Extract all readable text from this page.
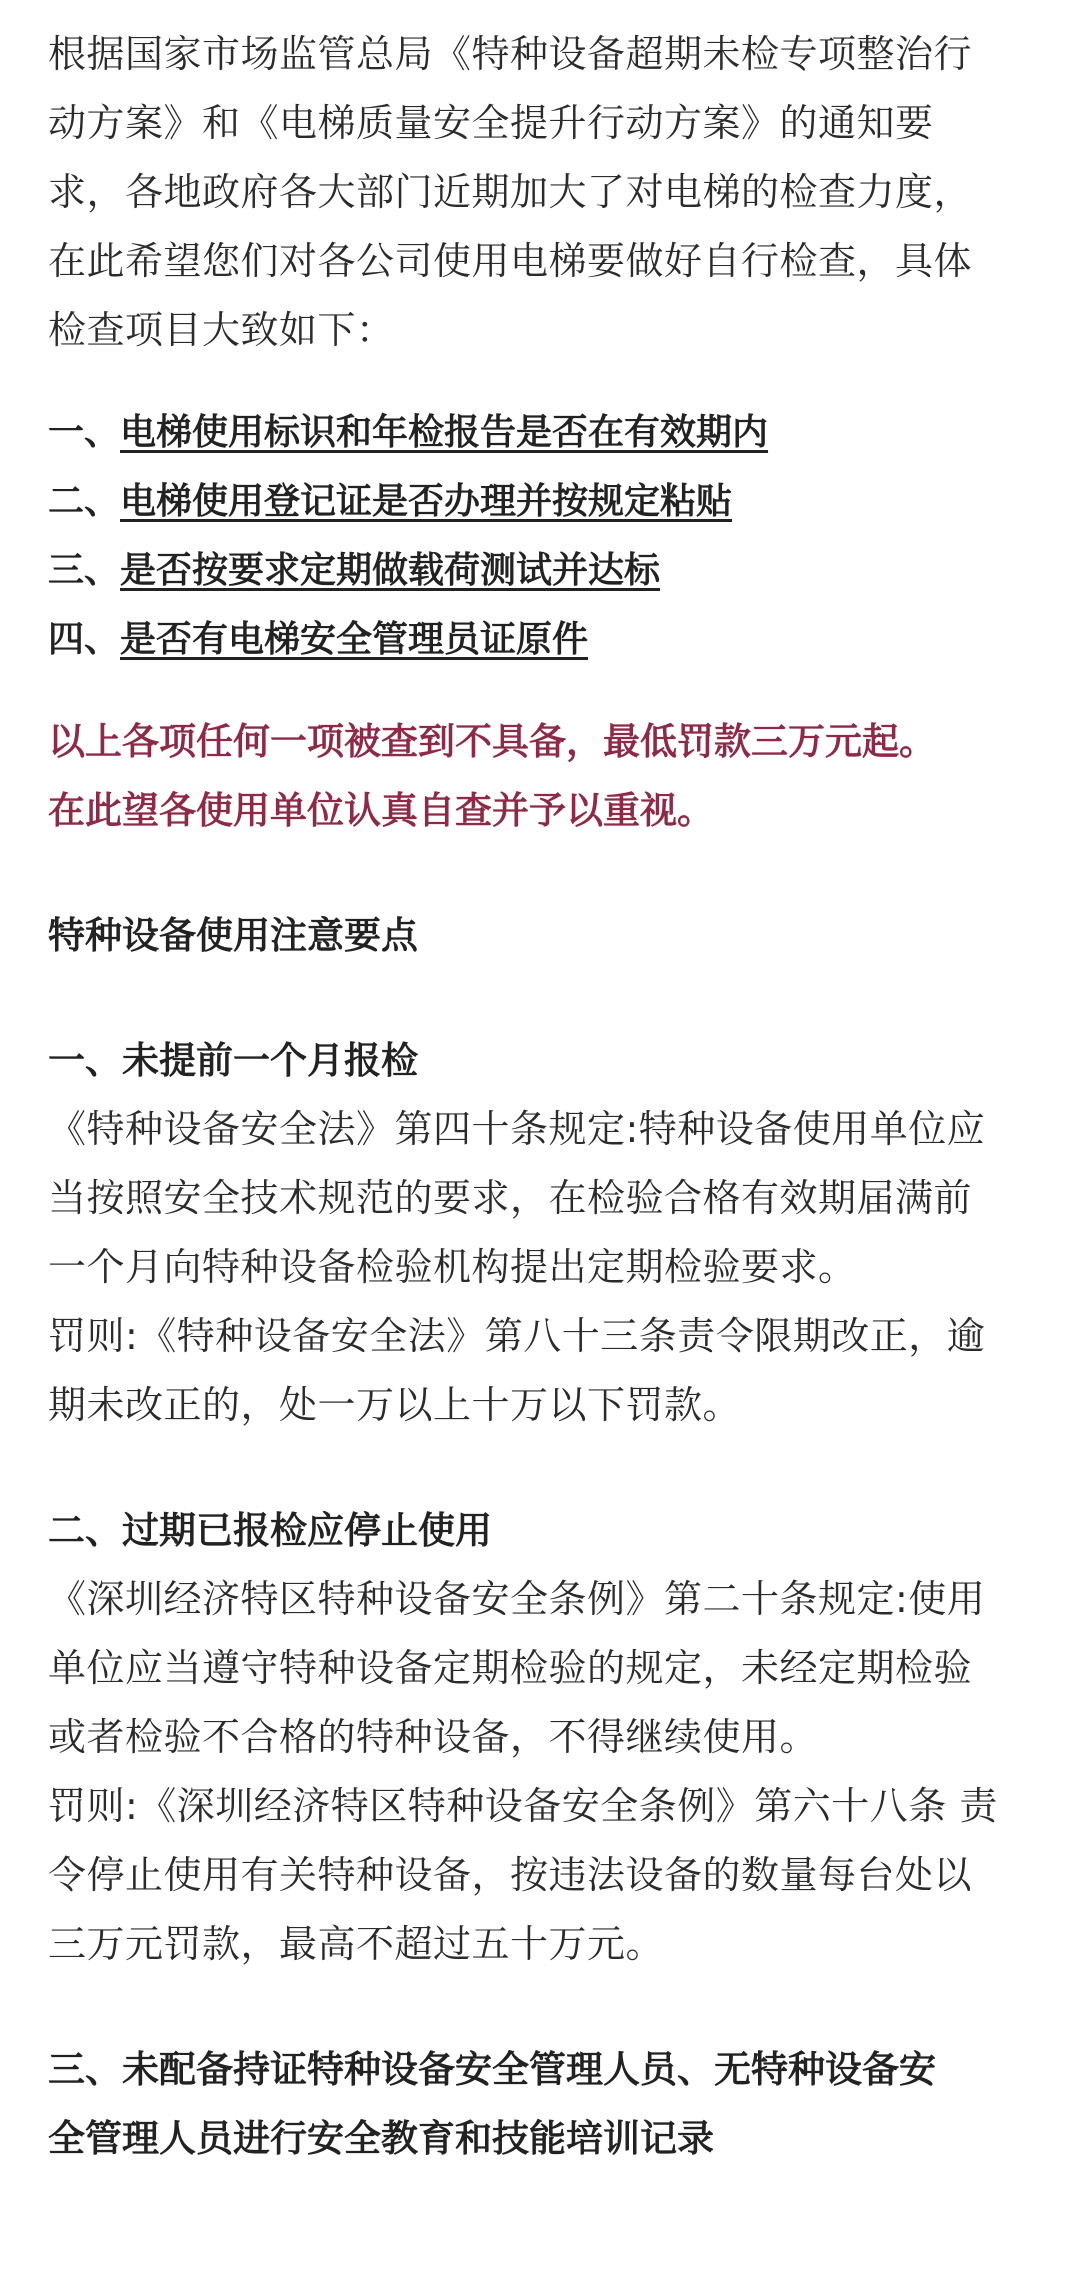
根据国家市场监管总局《特种设备超期未检专项整治行

动方案》和《电梯质量安全提升行动方案》的通知要

求，各地政府各大部门近期加大了对电梯的检查力度，

在此希望您们对各公司使用电梯要做好自行检查，具体

检查项目大致如下：

一、电梯使用标识和年检报告是否在有效期内

二、电梯使用登记证是否办理并按规定粘贴

三、是否按要求定期做载荷测试并达标

四、是否有电梯安全管理员证原件

以上各项任何一项被查到不具备，最低罚款三万元起。

在此望各使用单位认真自查并予以重视。

特种设备使用注意要点

一、未提前一个月报检

《特种设备安全法》第四十条规定:特种设备使用单位应

当按照安全技术规范的要求，在检验合格有效期届满前

一个月向特种设备检验机构提出定期检验要求。

罚则:《特种设备安全法》第八十三条责令限期改正，逾

期未改正的，处一万以上十万以下罚款。

二、过期已报检应停止使用

《深圳经济特区特种设备安全条例》第二十条规定:使用

单位应当遵守特种设备定期检验的规定，未经定期检验

或者检验不合格的特种设备，不得继续使用。

罚则:《深圳经济特区特种设备安全条例》第六十八条 责

令停止使用有关特种设备，按违法设备的数量每台处以

三万元罚款，最高不超过五十万元。

三、未配备持证特种设备安全管理人员、无特种设备安

全管理人员进行安全教育和技能培训记录
